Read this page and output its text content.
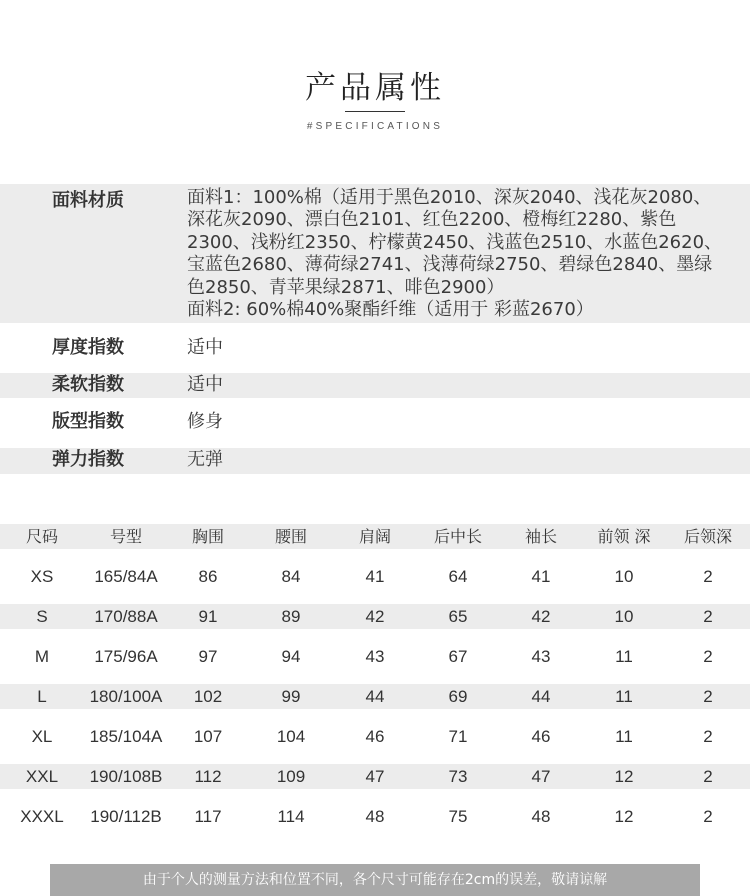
产品属性
#SPECIFICATIONS
面料材质	面料1：100%棉（适用于黑色2010、深灰2040、浅花灰2080、
深花灰2090、漂白色2101、红色2200、橙梅红2280、紫色
2300、浅粉红2350、柠檬黄2450、浅蓝色2510、水蓝色2620、
宝蓝色2680、薄荷绿2741、浅薄荷绿2750、碧绿色2840、墨绿
色2850、青苹果绿2871、啡色2900）
面料2: 60%棉40%聚酯纤维（适用于 彩蓝2670）
厚度指数	适中
柔软指数	适中
版型指数	修身
弹力指数	无弹
尺码	号型	胸围	腰围	肩阔	后中长	袖长	前领 深	后领深
XS	165/84A	86	84	41	64	41	10	2
S	170/88A	91	89	42	65	42	10	2
M	175/96A	97	94	43	67	43	11	2
L	180/100A	102	99	44	69	44	11	2
XL	185/104A	107	104	46	71	46	11	2
XXL	190/108B	112	109	47	73	47	12	2
XXXL	190/112B	117	114	48	75	48	12	2
由于个人的测量方法和位置不同，各个尺寸可能存在2cm的误差，敬请谅解
